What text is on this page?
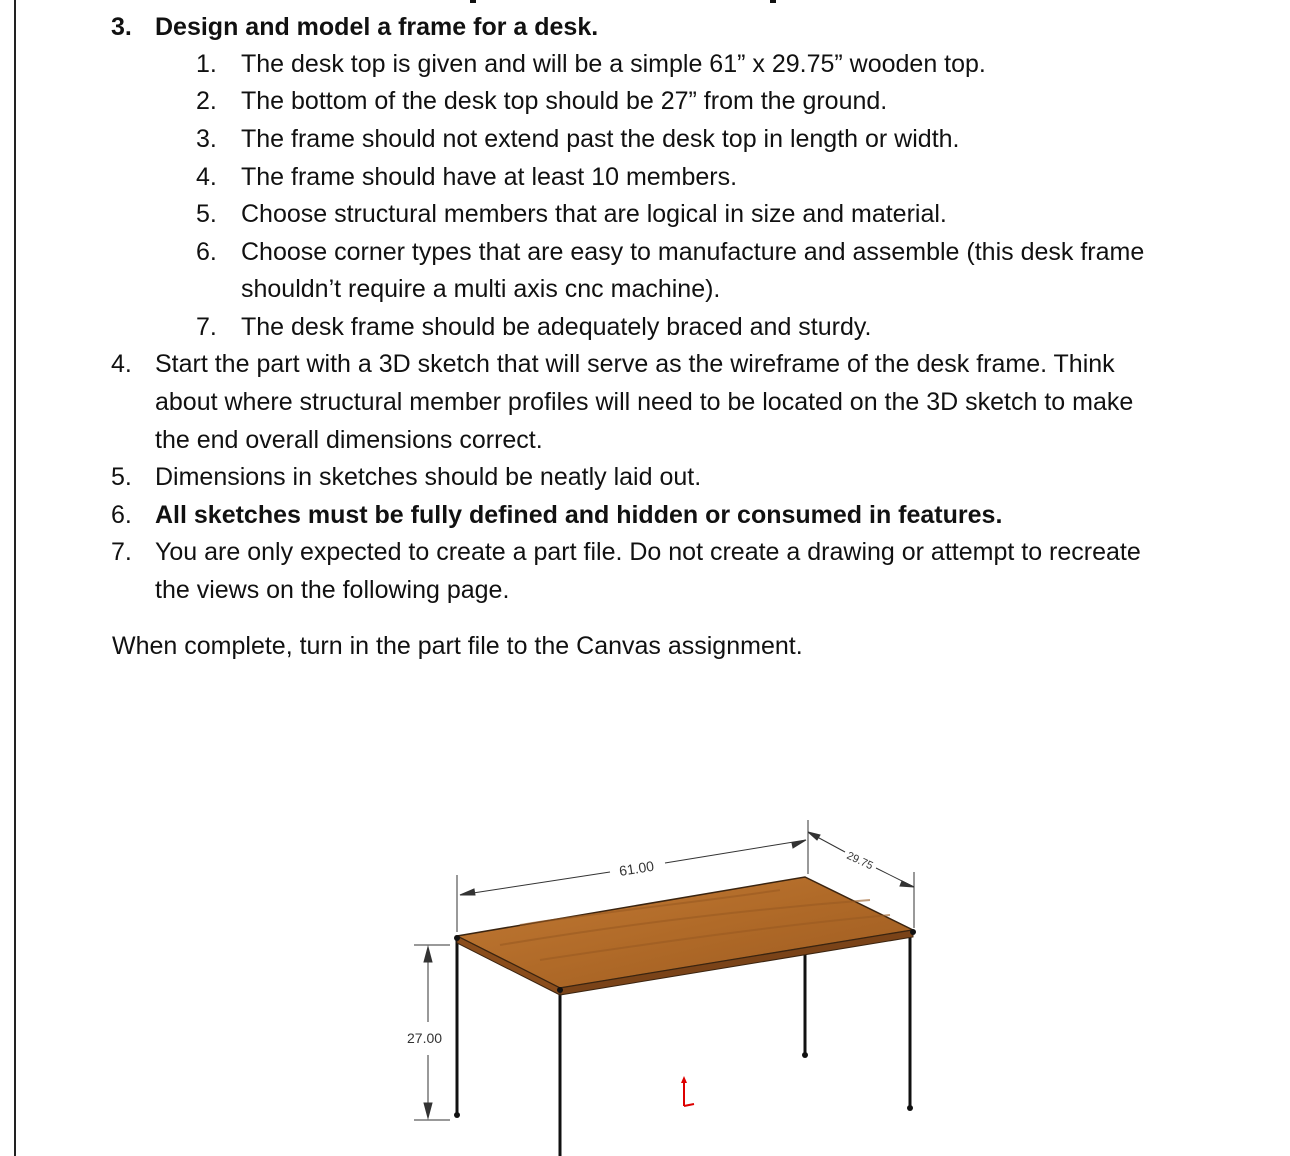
3. Design and model a frame for a desk.
1. The desk top is given and will be a simple 61” x 29.75” wooden top.
2. The bottom of the desk top should be 27” from the ground.
3. The frame should not extend past the desk top in length or width.
4. The frame should have at least 10 members.
5. Choose structural members that are logical in size and material.
6. Choose corner types that are easy to manufacture and assemble (this desk frame
shouldn’t require a multi axis cnc machine).
7. The desk frame should be adequately braced and sturdy.
4. Start the part with a 3D sketch that will serve as the wireframe of the desk frame. Think
about where structural member profiles will need to be located on the 3D sketch to make
the end overall dimensions correct.
5. Dimensions in sketches should be neatly laid out.
6. All sketches must be fully defined and hidden or consumed in features.
7. You are only expected to create a part file. Do not create a drawing or attempt to recreate
the views on the following page.
When complete, turn in the part file to the Canvas assignment.
61.00	29.75
27.00
